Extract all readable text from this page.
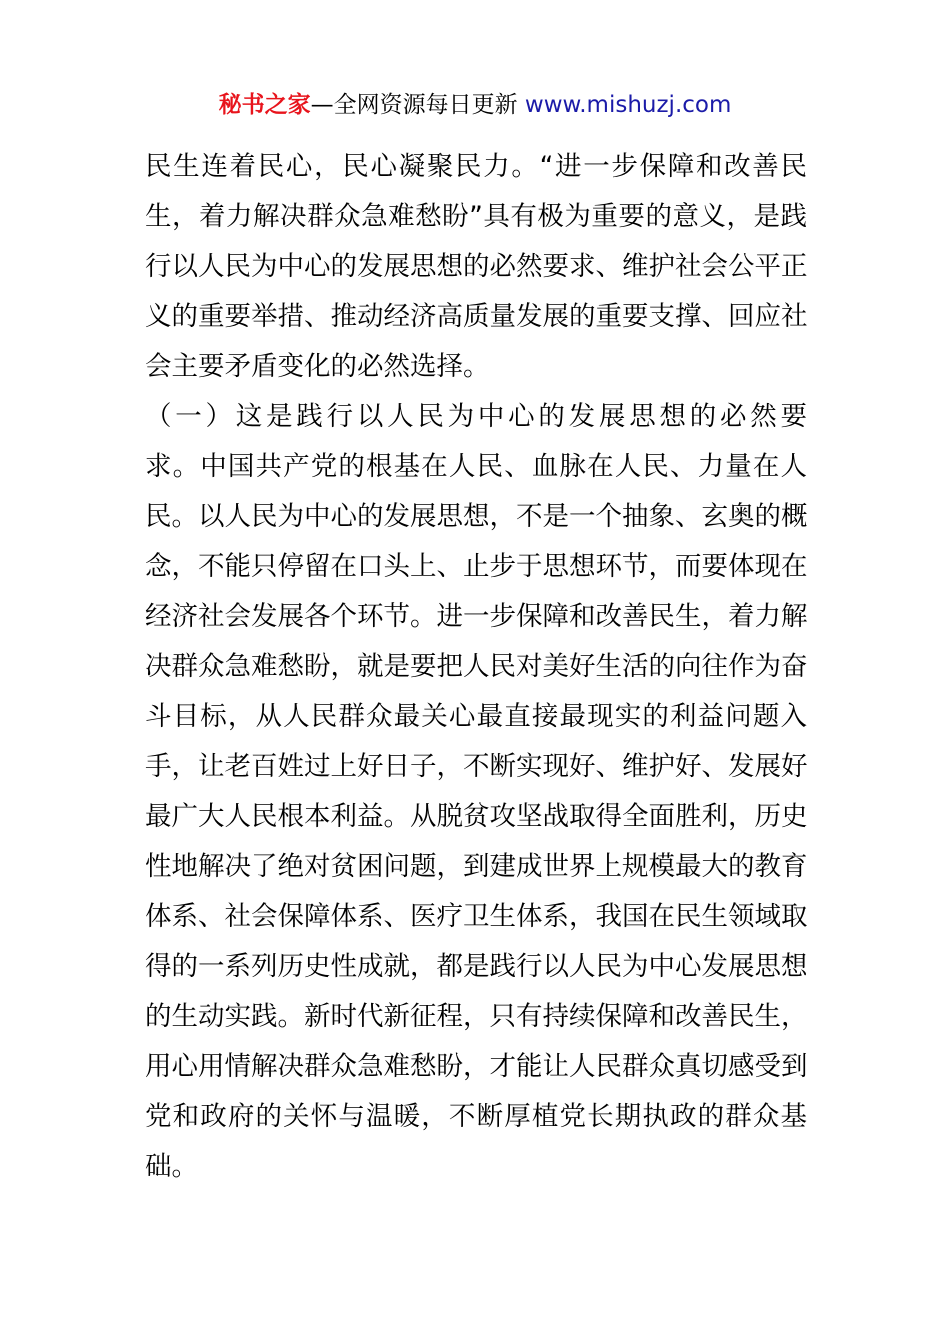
秘书之家—全网资源每日更新 www.mishuzj.com
民生连着民心，民心凝聚民力。“进一步保障和改善民
生，着力解决群众急难愁盼”具有极为重要的意义，是践
行以人民为中心的发展思想的必然要求、维护社会公平正
义的重要举措、推动经济高质量发展的重要支撑、回应社
会主要矛盾变化的必然选择。
（一）这是践行以人民为中心的发展思想的必然要
求。中国共产党的根基在人民、血脉在人民、力量在人
民。以人民为中心的发展思想，不是一个抽象、玄奥的概
念，不能只停留在口头上、止步于思想环节，而要体现在
经济社会发展各个环节。进一步保障和改善民生，着力解
决群众急难愁盼，就是要把人民对美好生活的向往作为奋
斗目标，从人民群众最关心最直接最现实的利益问题入
手，让老百姓过上好日子，不断实现好、维护好、发展好
最广大人民根本利益。从脱贫攻坚战取得全面胜利，历史
性地解决了绝对贫困问题，到建成世界上规模最大的教育
体系、社会保障体系、医疗卫生体系，我国在民生领域取
得的一系列历史性成就，都是践行以人民为中心发展思想
的生动实践。新时代新征程，只有持续保障和改善民生，
用心用情解决群众急难愁盼，才能让人民群众真切感受到
党和政府的关怀与温暖，不断厚植党长期执政的群众基
础。
